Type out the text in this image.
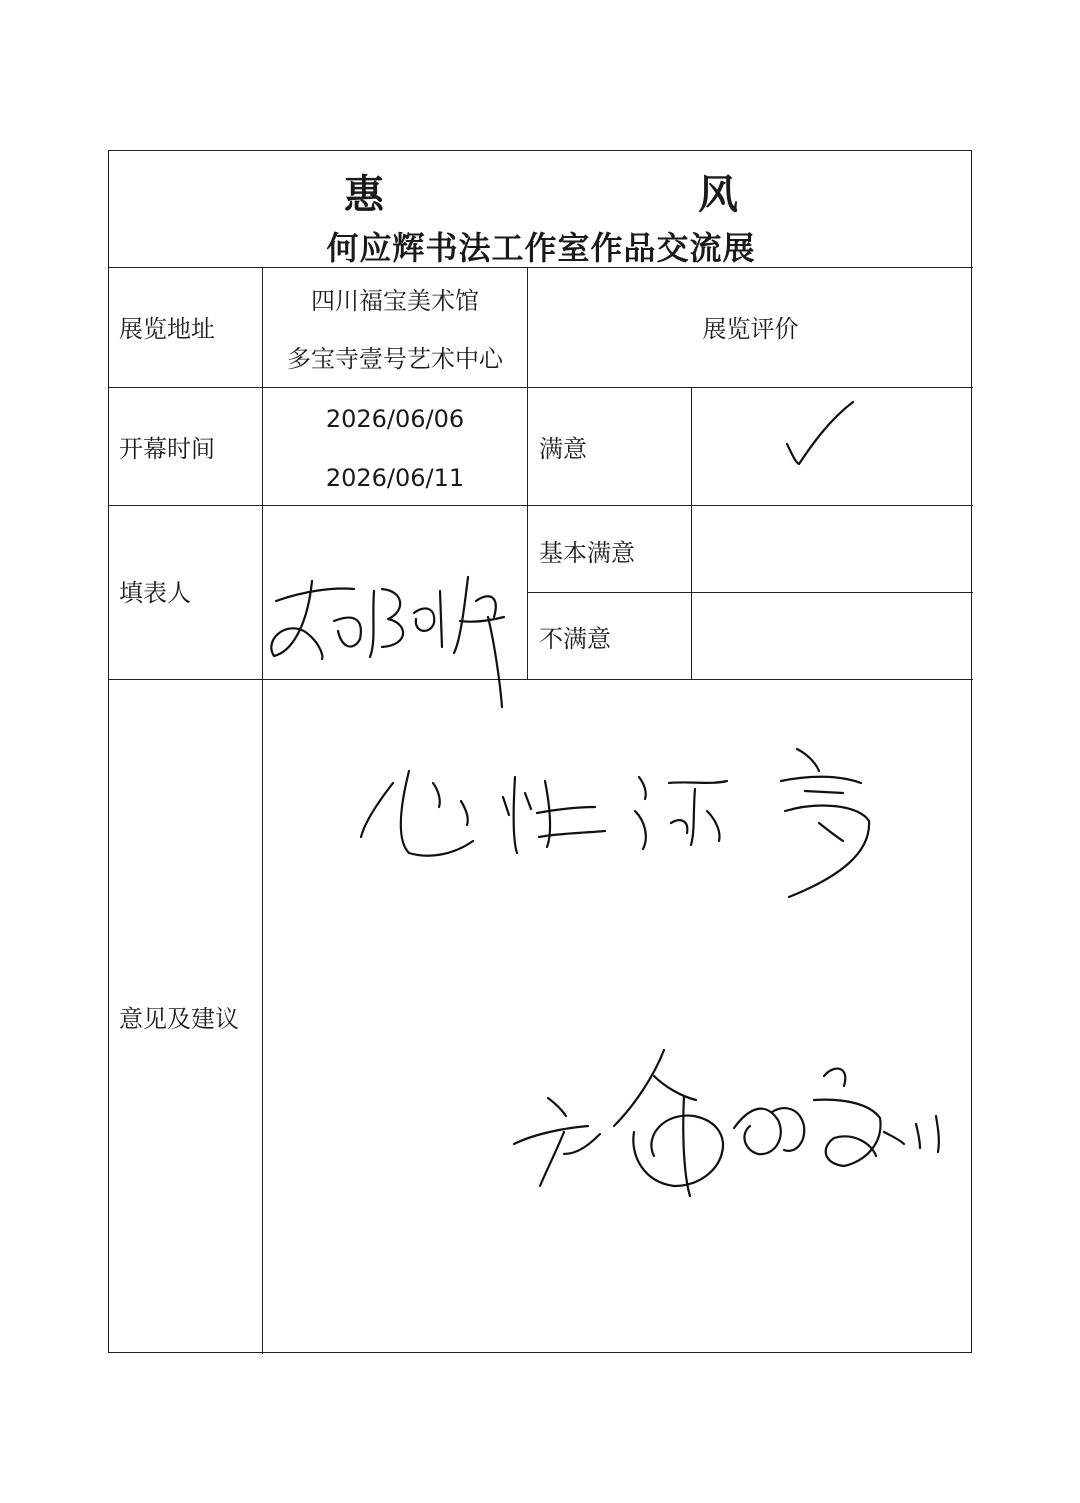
惠 风
何应辉书法工作室作品交流展
展览地址
四川福宝美术馆
多宝寺壹号艺术中心
展览评价
开幕时间
2026/06/06
2026/06/11
满意
基本满意
不满意
填表人
意见及建议
